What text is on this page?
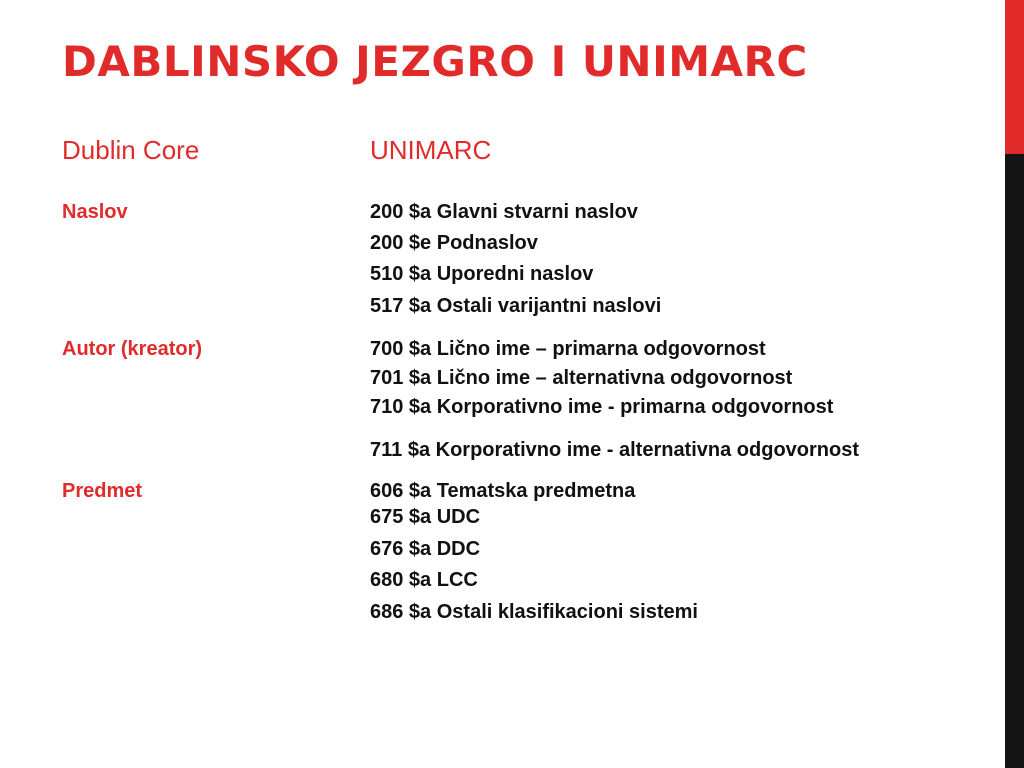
DABLINSKO JEZGRO I UNIMARC
Dublin Core	UNIMARC
Naslov
Autor (kreator)
Predmet
200 $a Glavni stvarni naslov
200 $e Podnaslov
510 $a Uporedni naslov
517 $a Ostali varijantni naslovi
700 $a Lično ime – primarna odgovornost
701 $a Lično ime – alternativna odgovornost
710 $a Korporativno ime - primarna odgovornost
711 $a Korporativno ime - alternativna odgovornost
606 $a Tematska predmetna
675 $a UDC
676 $a DDC
680 $a LCC
686 $a Ostali klasifikacioni sistemi
